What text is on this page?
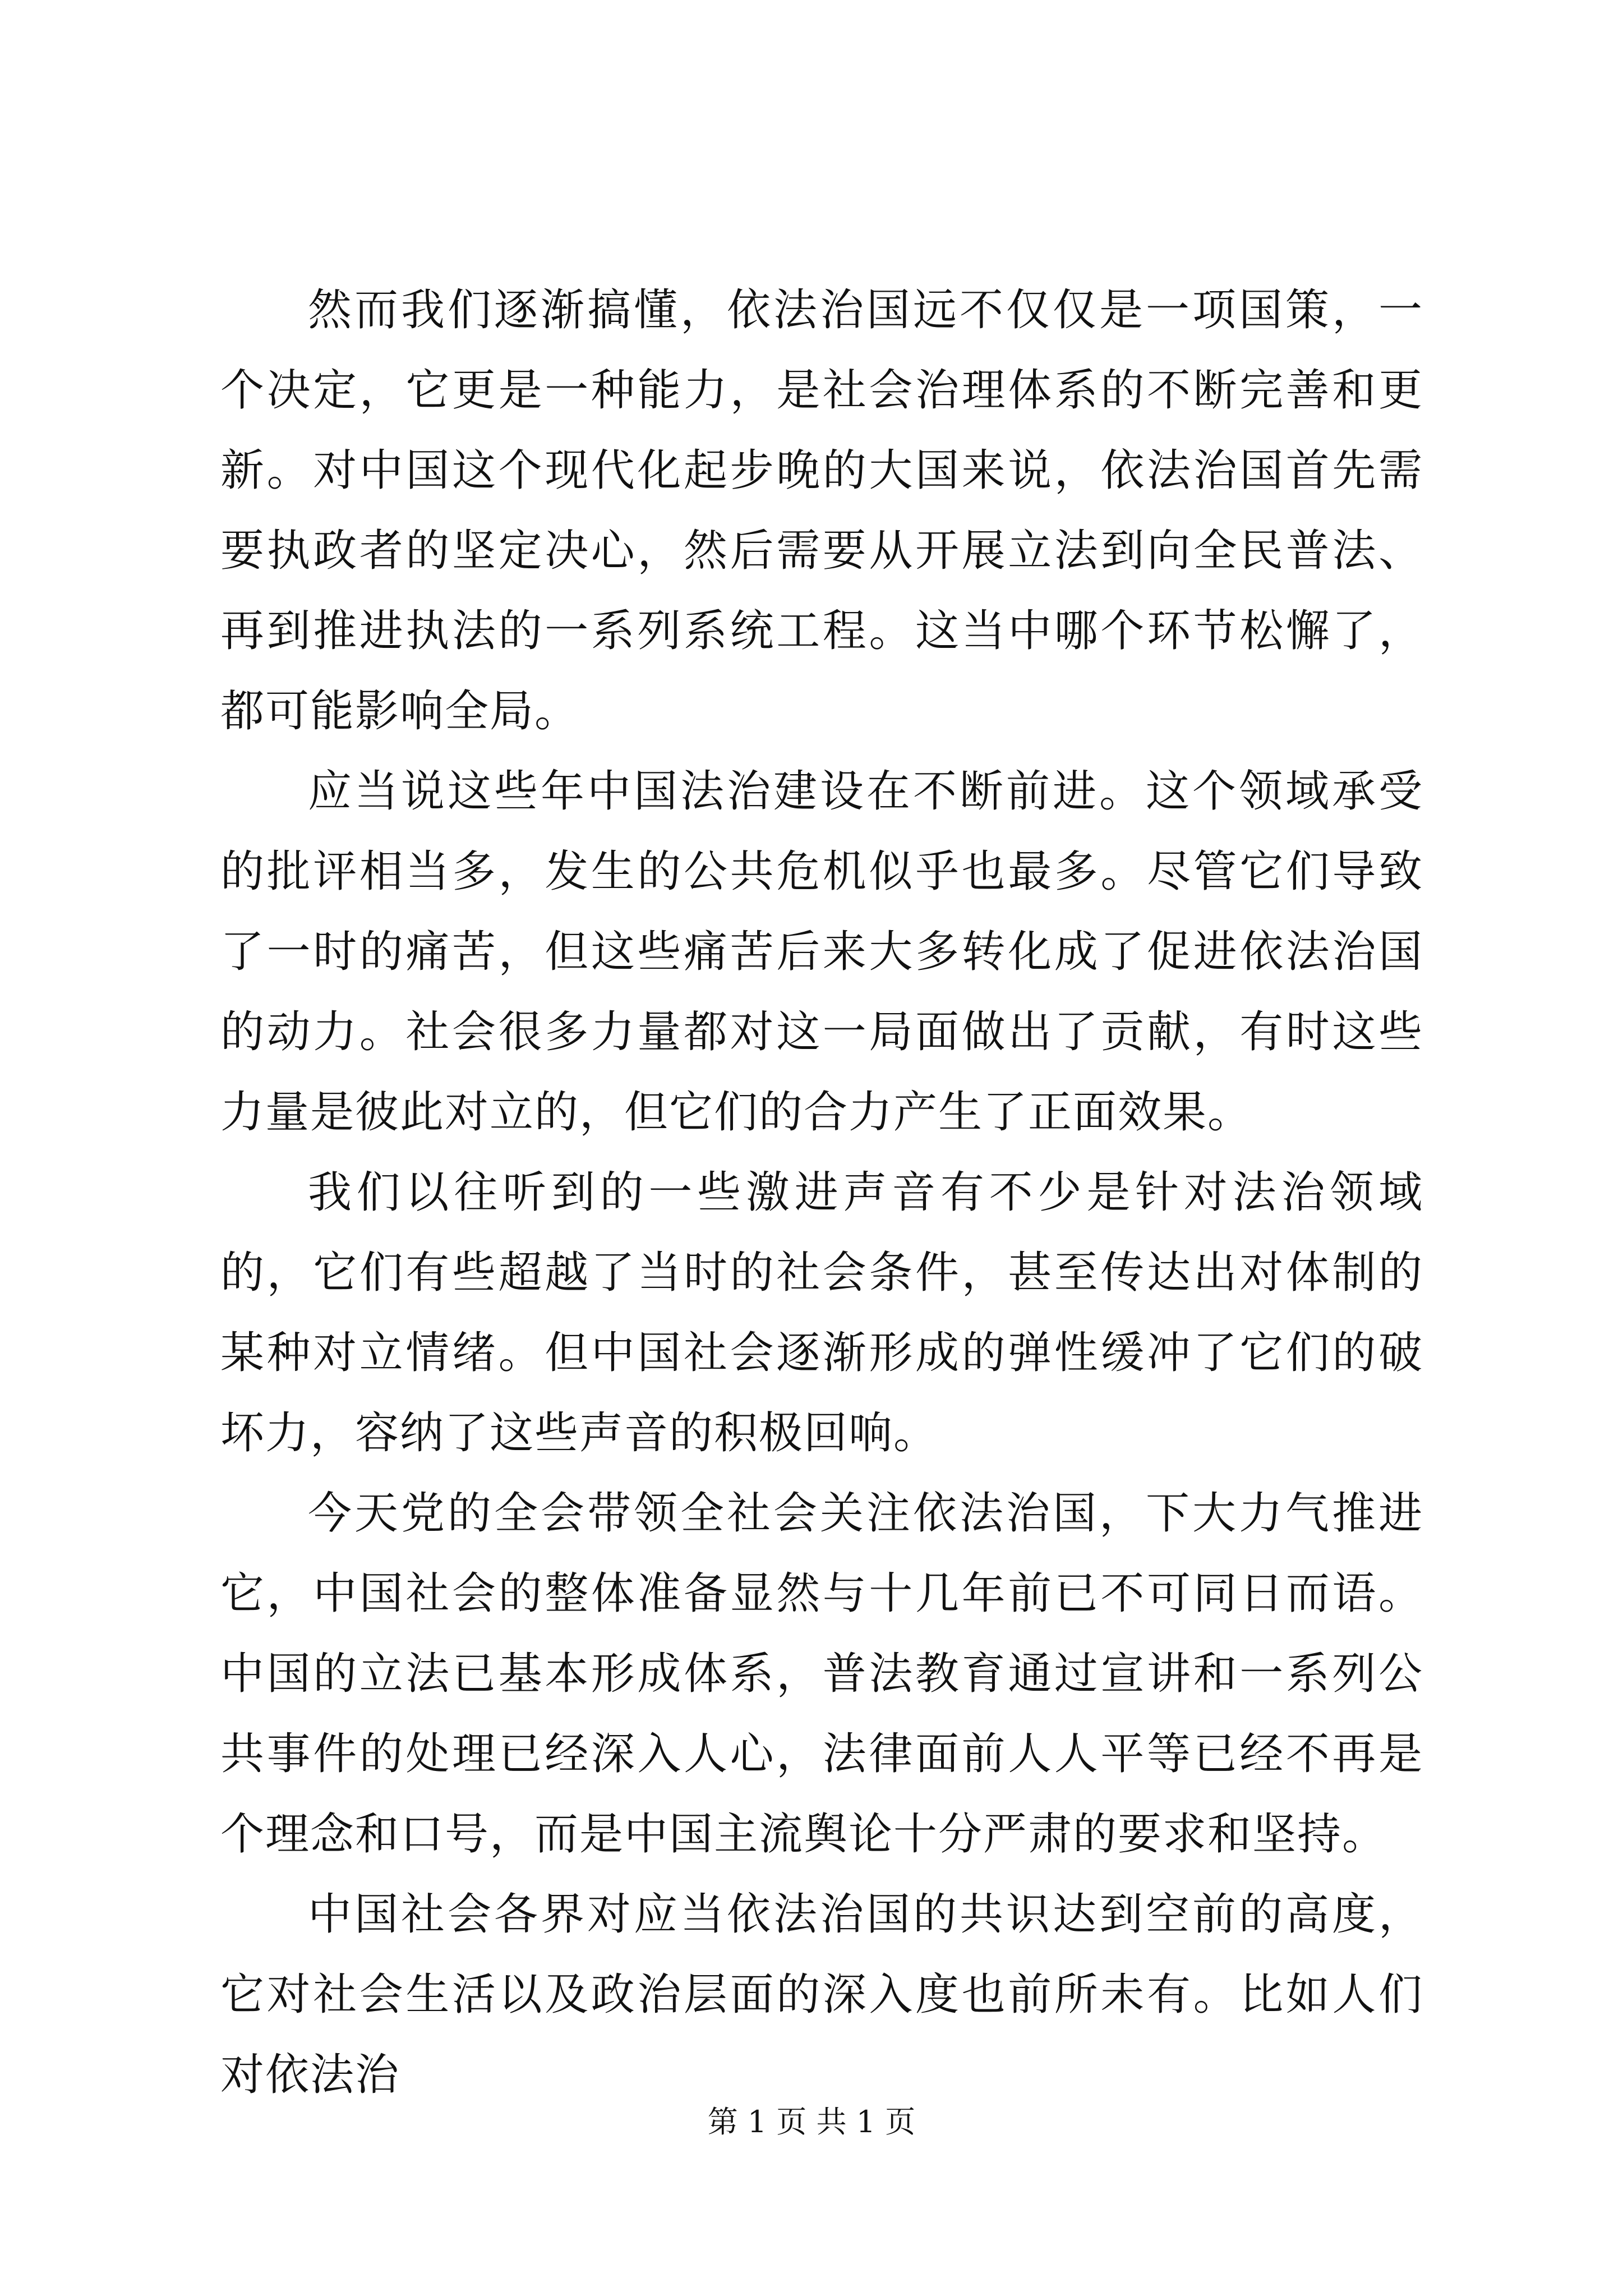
然而我们逐渐搞懂，依法治国远不仅仅是一项国策，一个决定，它更是一种能力，是社会治理体系的不断完善和更新。对中国这个现代化起步晚的大国来说，依法治国首先需要执政者的坚定决心，然后需要从开展立法到向全民普法、再到推进执法的一系列系统工程。这当中哪个环节松懈了，都可能影响全局。

应当说这些年中国法治建设在不断前进。这个领域承受的批评相当多，发生的公共危机似乎也最多。尽管它们导致了一时的痛苦，但这些痛苦后来大多转化成了促进依法治国的动力。社会很多力量都对这一局面做出了贡献，有时这些力量是彼此对立的，但它们的合力产生了正面效果。

我们以往听到的一些激进声音有不少是针对法治领域的，它们有些超越了当时的社会条件，甚至传达出对体制的某种对立情绪。但中国社会逐渐形成的弹性缓冲了它们的破坏力，容纳了这些声音的积极回响。

今天党的全会带领全社会关注依法治国，下大力气推进它，中国社会的整体准备显然与十几年前已不可同日而语。中国的立法已基本形成体系，普法教育通过宣讲和一系列公共事件的处理已经深入人心，法律面前人人平等已经不再是个理念和口号，而是中国主流舆论十分严肃的要求和坚持。

中国社会各界对应当依法治国的共识达到空前的高度，它对社会生活以及政治层面的深入度也前所未有。比如人们对依法治

第 1 页 共 1 页
